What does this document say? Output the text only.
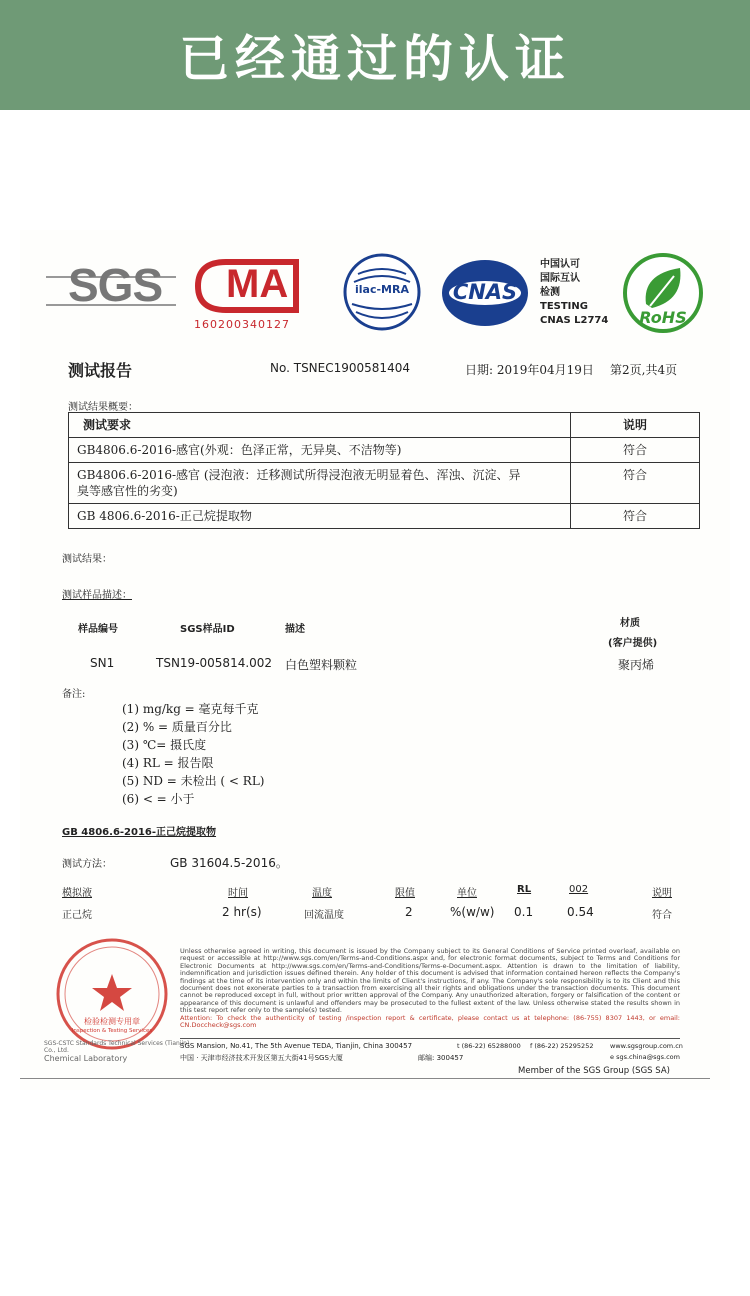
已经通过的认证
SGS MA
160200340127
ilac-MRA	CNAS
中国认可
国际互认
检测
TESTING
CNAS L2774	RoHS
测试报告	No. TSNEC1900581404	日期: 2019年04月19日 第2页,共4页
测试结果概要：
测试要求	说明
GB4806.6-2016-感官(外观：色泽正常，无异臭、不洁物等)	符合
GB4806.6-2016-感官 (浸泡液：迁移测试所得浸泡液无明显着色、浑浊、沉淀、异臭等感官性的劣变)	符合
GB 4806.6-2016-正己烷提取物	符合
测试结果：
测试样品描述：
样品编号	SGS样品ID	描述
材质
(客户提供)
SN1	TSN19-005814.002 白色塑料颗粒	聚丙烯
备注:
(1) mg/kg = 毫克每千克
(2) % = 质量百分比
(3) ℃= 摄氏度
(4) RL = 报告限
(5) ND = 未检出 ( < RL)
(6) < = 小于
GB 4806.6-2016-正己烷提取物
测试方法：	GB 31604.5-2016。
模拟液	时间	温度	限值	单位	RL	002	说明
正己烷	2 hr(s)	回流温度	2	%(w/w) 0.1	0.54	符合
检验检测专用章
Inspection & Testing Services
Unless otherwise agreed in writing, this document is issued by the Company subject to its General Conditions of Service printed overleaf, available on request or accessible at http://www.sgs.com/en/Terms-and-Conditions.aspx and, for electronic format documents, subject to Terms and Conditions for Electronic Documents at http://www.sgs.com/en/Terms-and-Conditions/Terms-e-Document.aspx. Attention is drawn to the limitation of liability, indemnification and jurisdiction issues defined therein. Any holder of this document is advised that information contained hereon reflects the Company's findings at the time of its intervention only and within the limits of Client's instructions, if any. The Company's sole responsibility is to its Client and this document does not exonerate parties to a transaction from exercising all their rights and obligations under the transaction documents. This document cannot be reproduced except in full, without prior written approval of the Company. Any unauthorized alteration, forgery or falsification of the content or appearance of this document is unlawful and offenders may be prosecuted to the fullest extent of the law. Unless otherwise stated the results shown in this test report refer only to the sample(s) tested.
Attention: To check the authenticity of testing /inspection report & certificate, please contact us at telephone: (86-755) 8307 1443, or email: CN.Doccheck@sgs.com
SGS-CSTC Standards Technical Services (Tianjin) Co., Ltd.
Chemical Laboratory
SGS Mansion, No.41, The 5th Avenue TEDA, Tianjin, China 300457
中国 · 天津市经济技术开发区第五大街41号SGS大厦	邮编: 300457
t (86-22) 65288000 f (86-22) 25295252	www.sgsgroup.com.cn
e sgs.china@sgs.com
Member of the SGS Group (SGS SA)
